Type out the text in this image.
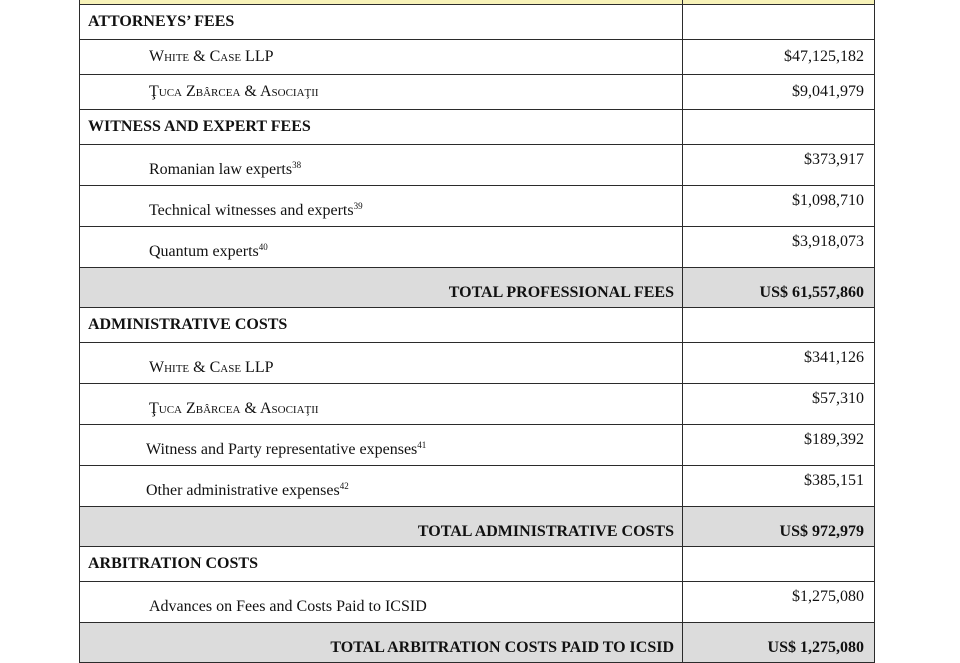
ATTORNEYS’ FEES	
White & Case LLP	$47,125,182
Ţuca Zbârcea & Asociaţii	$9,041,979
WITNESS AND EXPERT FEES	
Romanian law experts$^{38}$	$373,917
Technical witnesses and experts$^{39}$	$1,098,710
Quantum experts$^{40}$	$3,918,073
TOTAL PROFESSIONAL FEES	US$ 61,557,860
ADMINISTRATIVE COSTS	
White & Case LLP	$341,126
Ţuca Zbârcea & Asociaţii	$57,310
Witness and Party representative expenses$^{41}$	$189,392
Other administrative expenses$^{42}$	$385,151
TOTAL ADMINISTRATIVE COSTS	US$ 972,979
ARBITRATION COSTS	
Advances on Fees and Costs Paid to ICSID	$1,275,080
TOTAL ARBITRATION COSTS PAID TO ICSID	US$ 1,275,080
